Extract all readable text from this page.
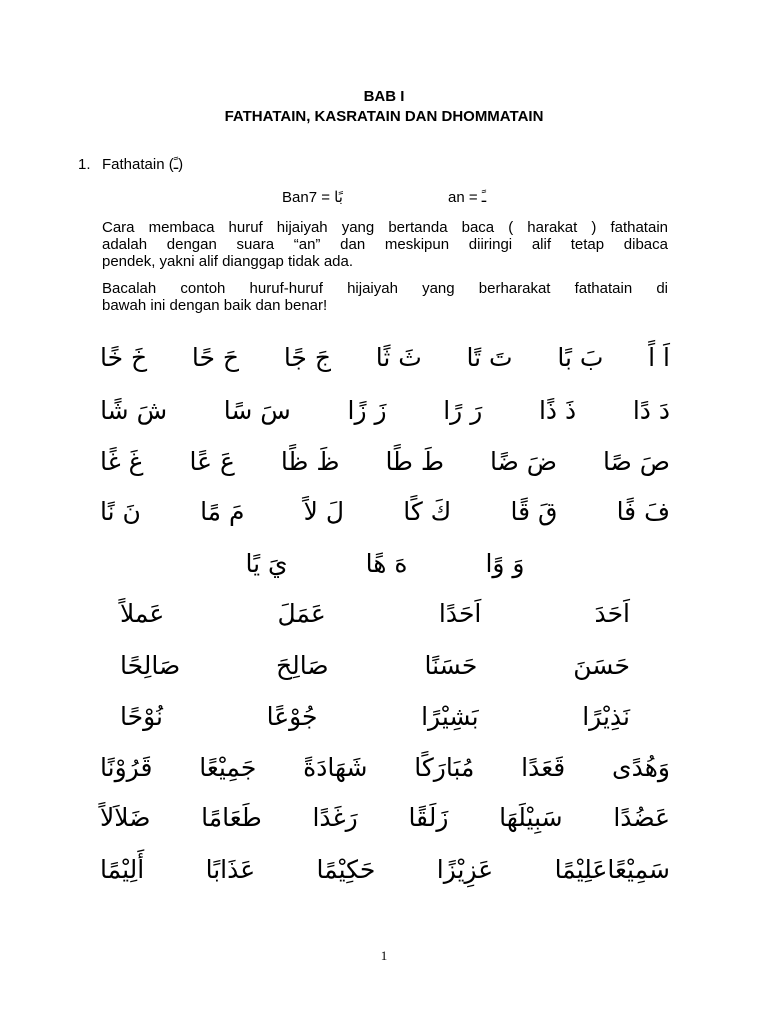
BAB I
FATHATAIN, KASRATAIN DAN DHOMMATAIN
1. Fathatain (ـً)
Ban7 = بًا	an = ـً
Cara membaca huruf hijaiyah yang bertanda baca ( harakat ) fathatain
adalah dengan suara “an” dan meskipun diiringi alif tetap dibaca
pendek, yakni alif dianggap tidak ada.
Bacalah contoh huruf-huruf hijaiyah yang berharakat fathatain di
bawah ini dengan baik dan benar!
اَ اً
بَ بًا
تَ تًا
ثَ ثًا
جَ جًا
حَ حًا
خَ خًا
دَ دًا
ذَ ذًا
رَ رًا
زَ زًا
سَ سًا
شَ شًا
صَ صًا
ضَ ضًا
طَ طًا
ظَ ظًا
عَ عًا
غَ غًا
فَ فًا
قَ قًا
كَ كًا
لَ لاً
مَ مًا
نَ نًا
وَ وًا
هَ هًا
يَ يًا
اَحَدَ
اَحَدًا
عَمَلَ
عَملاً
حَسَنَ
حَسَنًا
صَالِحَ
صَالِحًا
نَذِيْرًا
بَشِيْرًا
جُوْعًا
نُوْحًا
وَهُدًى
قَعَدًا
مُبَارَكًا
شَهَادَةً
جَمِيْعًا
قَرُوْنًا
عَضُدًا
سَبِيْلَهَا
زَلَقًا
رَغَدًا
طَعَامًا
ضَلاَلاً
سَمِيْعًاعَلِيْمًا
عَزِيْزًا
حَكِيْمًا
عَذَابًا
أَلِيْمًا
1
